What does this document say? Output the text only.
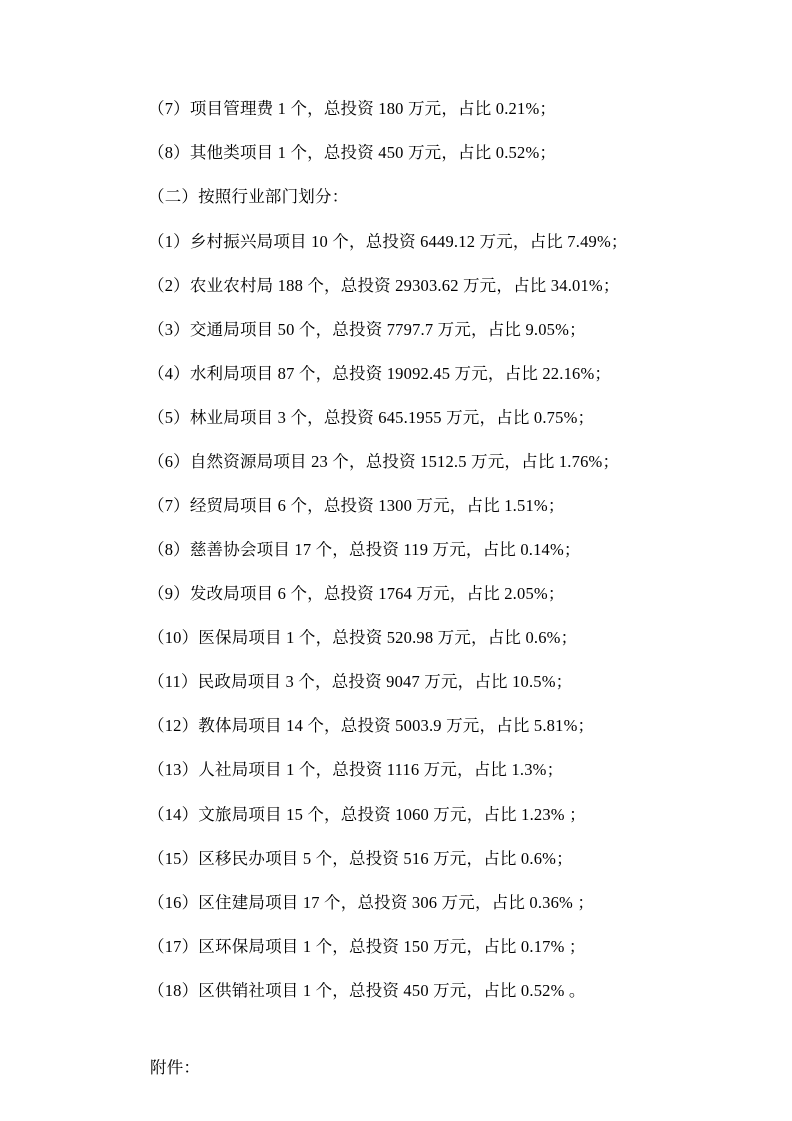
（7）项目管理费 1 个，总投资 180 万元，占比 0.21%；

（8）其他类项目 1 个，总投资 450 万元，占比 0.52%；

（二）按照行业部门划分：

（1）乡村振兴局项目 10 个，总投资 6449.12 万元，占比 7.49%；

（2）农业农村局 188 个，总投资 29303.62 万元，占比 34.01%；

（3）交通局项目 50 个，总投资 7797.7 万元，占比 9.05%；

（4）水利局项目 87 个，总投资 19092.45 万元，占比 22.16%；

（5）林业局项目 3 个，总投资 645.1955 万元，占比 0.75%；

（6）自然资源局项目 23 个，总投资 1512.5 万元，占比 1.76%；

（7）经贸局项目 6 个，总投资 1300 万元，占比 1.51%；

（8）慈善协会项目 17 个，总投资 119 万元，占比 0.14%；

（9）发改局项目 6 个，总投资 1764 万元，占比 2.05%；

（10）医保局项目 1 个，总投资 520.98 万元，占比 0.6%；

（11）民政局项目 3 个，总投资 9047 万元，占比 10.5%；

（12）教体局项目 14 个，总投资 5003.9 万元，占比 5.81%；

（13）人社局项目 1 个，总投资 1116 万元，占比 1.3%；

（14）文旅局项目 15 个，总投资 1060 万元，占比 1.23% ；

（15）区移民办项目 5 个，总投资 516 万元，占比 0.6%；

（16）区住建局项目 17 个，总投资 306 万元，占比 0.36% ；

（17）区环保局项目 1 个，总投资 150 万元，占比 0.17% ；

（18）区供销社项目 1 个，总投资 450 万元，占比 0.52% 。

附件：
